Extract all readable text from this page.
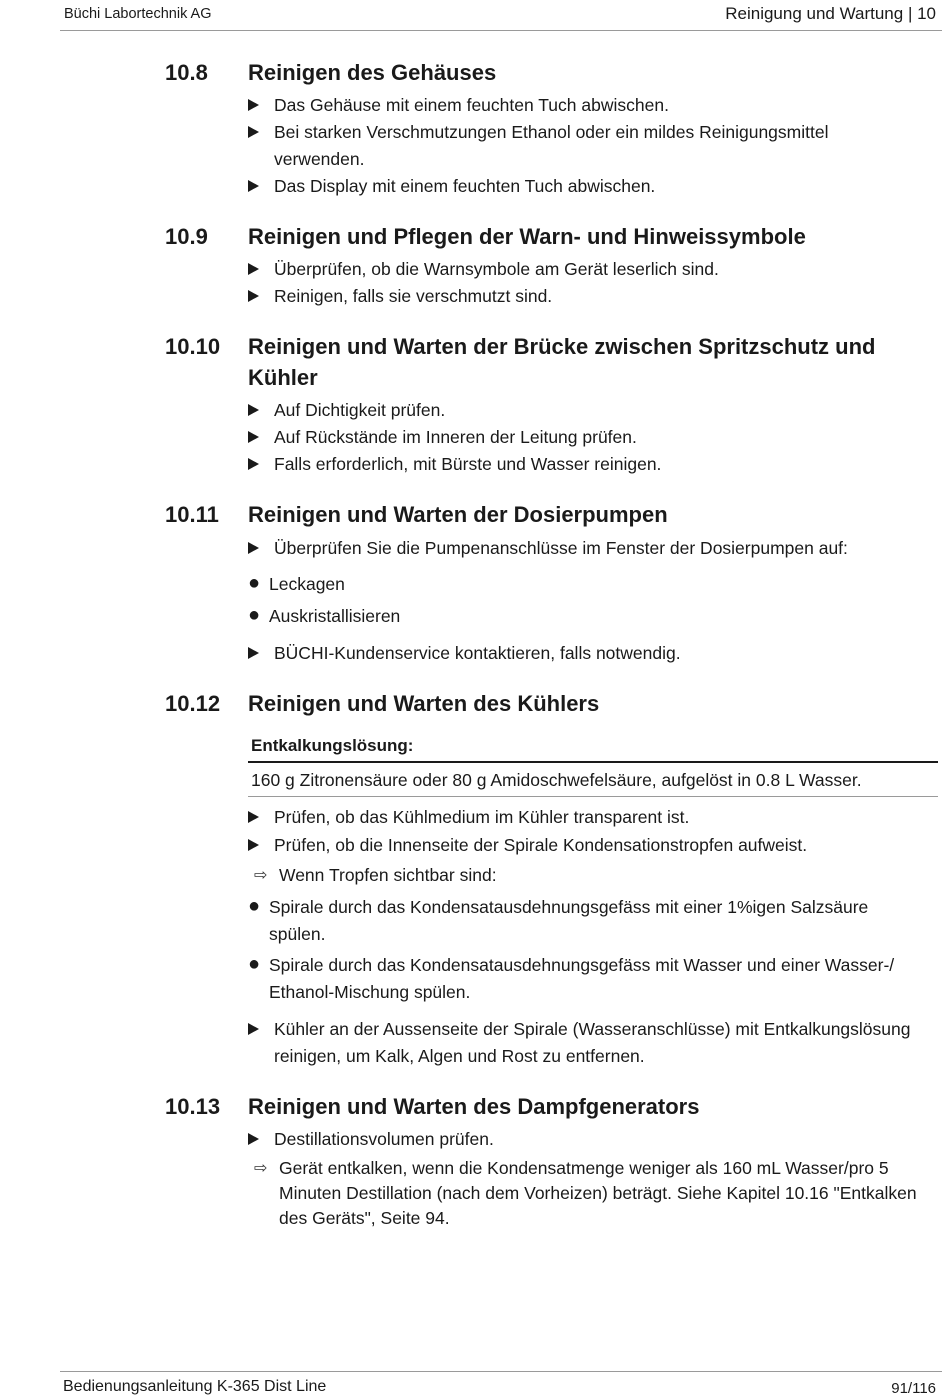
Büchi Labortechnik AG	Reinigung und Wartung | 10
10.8 Reinigen des Gehäuses
Das Gehäuse mit einem feuchten Tuch abwischen.
Bei starken Verschmutzungen Ethanol oder ein mildes Reinigungsmittel verwenden.
Das Display mit einem feuchten Tuch abwischen.
10.9 Reinigen und Pflegen der Warn- und Hinweissymbole
Überprüfen, ob die Warnsymbole am Gerät leserlich sind.
Reinigen, falls sie verschmutzt sind.
10.10 Reinigen und Warten der Brücke zwischen Spritzschutz und Kühler
Auf Dichtigkeit prüfen.
Auf Rückstände im Inneren der Leitung prüfen.
Falls erforderlich, mit Bürste und Wasser reinigen.
10.11 Reinigen und Warten der Dosierpumpen
Überprüfen Sie die Pumpenanschlüsse im Fenster der Dosierpumpen auf:
● Leckagen
● Auskristallisieren
BÜCHI-Kundenservice kontaktieren, falls notwendig.
10.12 Reinigen und Warten des Kühlers
Entkalkungslösung:
160 g Zitronensäure oder 80 g Amidoschwefelsäure, aufgelöst in 0.8 L Wasser.
Prüfen, ob das Kühlmedium im Kühler transparent ist.
Prüfen, ob die Innenseite der Spirale Kondensationstropfen aufweist.
⇨ Wenn Tropfen sichtbar sind:
● Spirale durch das Kondensatausdehnungsgefäss mit einer 1%igen Salzsäure spülen.
● Spirale durch das Kondensatausdehnungsgefäss mit Wasser und einer Wasser-/ Ethanol-Mischung spülen.
Kühler an der Aussenseite der Spirale (Wasseranschlüsse) mit Entkalkungslösung reinigen, um Kalk, Algen und Rost zu entfernen.
10.13 Reinigen und Warten des Dampfgenerators
Destillationsvolumen prüfen.
⇨ Gerät entkalken, wenn die Kondensatmenge weniger als 160 mL Wasser/pro 5 Minuten Destillation (nach dem Vorheizen) beträgt. Siehe Kapitel 10.16 "Entkalken des Geräts", Seite 94.
Bedienungsanleitung K-365 Dist Line	91/116
